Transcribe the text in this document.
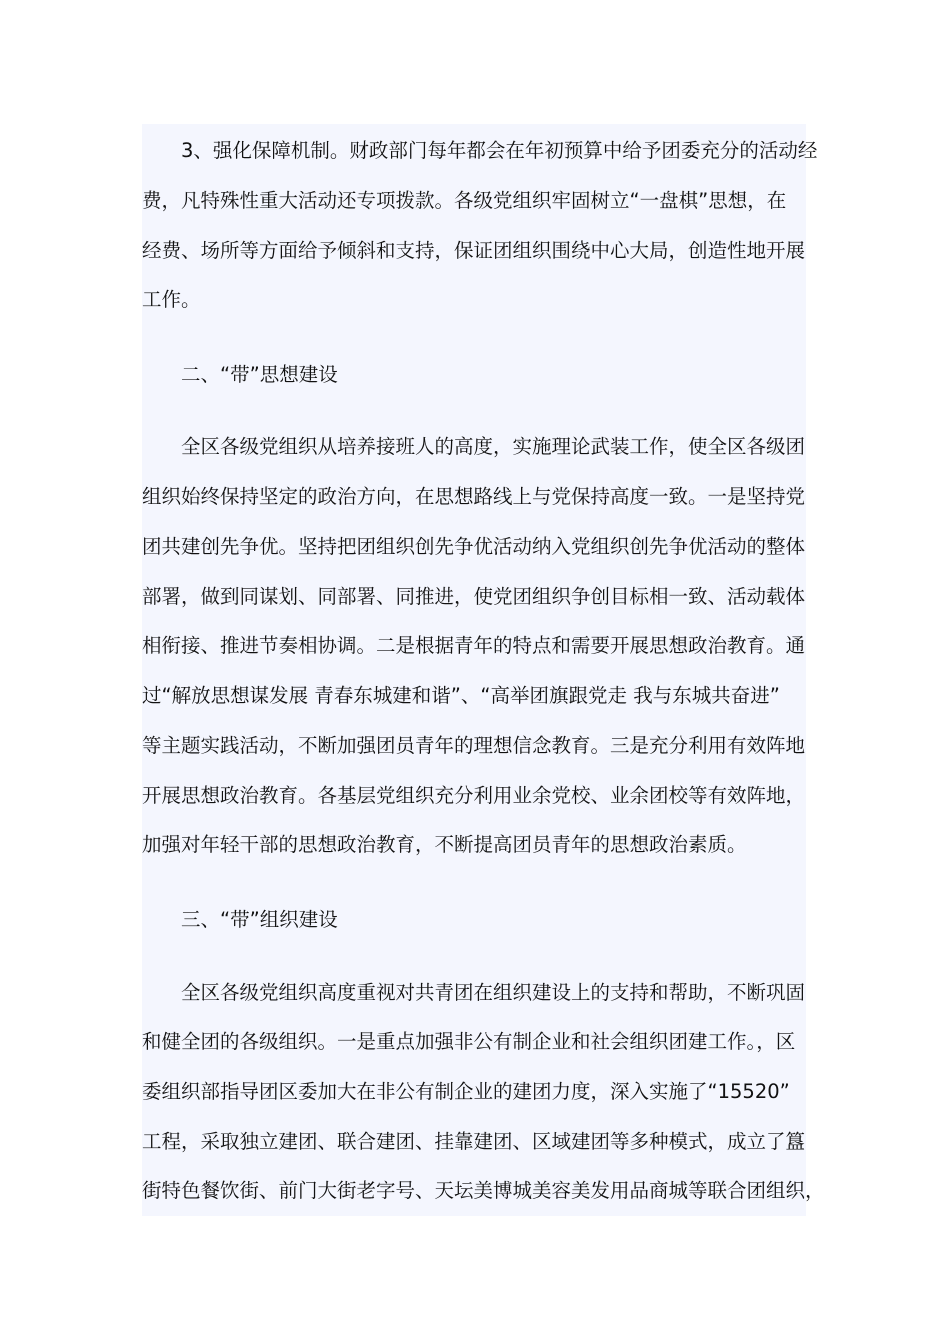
3、强化保障机制。财政部门每年都会在年初预算中给予团委充分的活动经

费，凡特殊性重大活动还专项拨款。各级党组织牢固树立“一盘棋”思想，在

经费、场所等方面给予倾斜和支持，保证团组织围绕中心大局，创造性地开展

工作。

二、“带”思想建设

全区各级党组织从培养接班人的高度，实施理论武装工作，使全区各级团

组织始终保持坚定的政治方向，在思想路线上与党保持高度一致。一是坚持党

团共建创先争优。坚持把团组织创先争优活动纳入党组织创先争优活动的整体

部署，做到同谋划、同部署、同推进，使党团组织争创目标相一致、活动载体

相衔接、推进节奏相协调。二是根据青年的特点和需要开展思想政治教育。通

过“解放思想谋发展 青春东城建和谐”、“高举团旗跟党走 我与东城共奋进”

等主题实践活动，不断加强团员青年的理想信念教育。三是充分利用有效阵地

开展思想政治教育。各基层党组织充分利用业余党校、业余团校等有效阵地，

加强对年轻干部的思想政治教育，不断提高团员青年的思想政治素质。

三、“带”组织建设

全区各级党组织高度重视对共青团在组织建设上的支持和帮助，不断巩固

和健全团的各级组织。一是重点加强非公有制企业和社会组织团建工作。，区

委组织部指导团区委加大在非公有制企业的建团力度，深入实施了“15520”

工程，采取独立建团、联合建团、挂靠建团、区域建团等多种模式，成立了簋

街特色餐饮街、前门大街老字号、天坛美博城美容美发用品商城等联合团组织，
